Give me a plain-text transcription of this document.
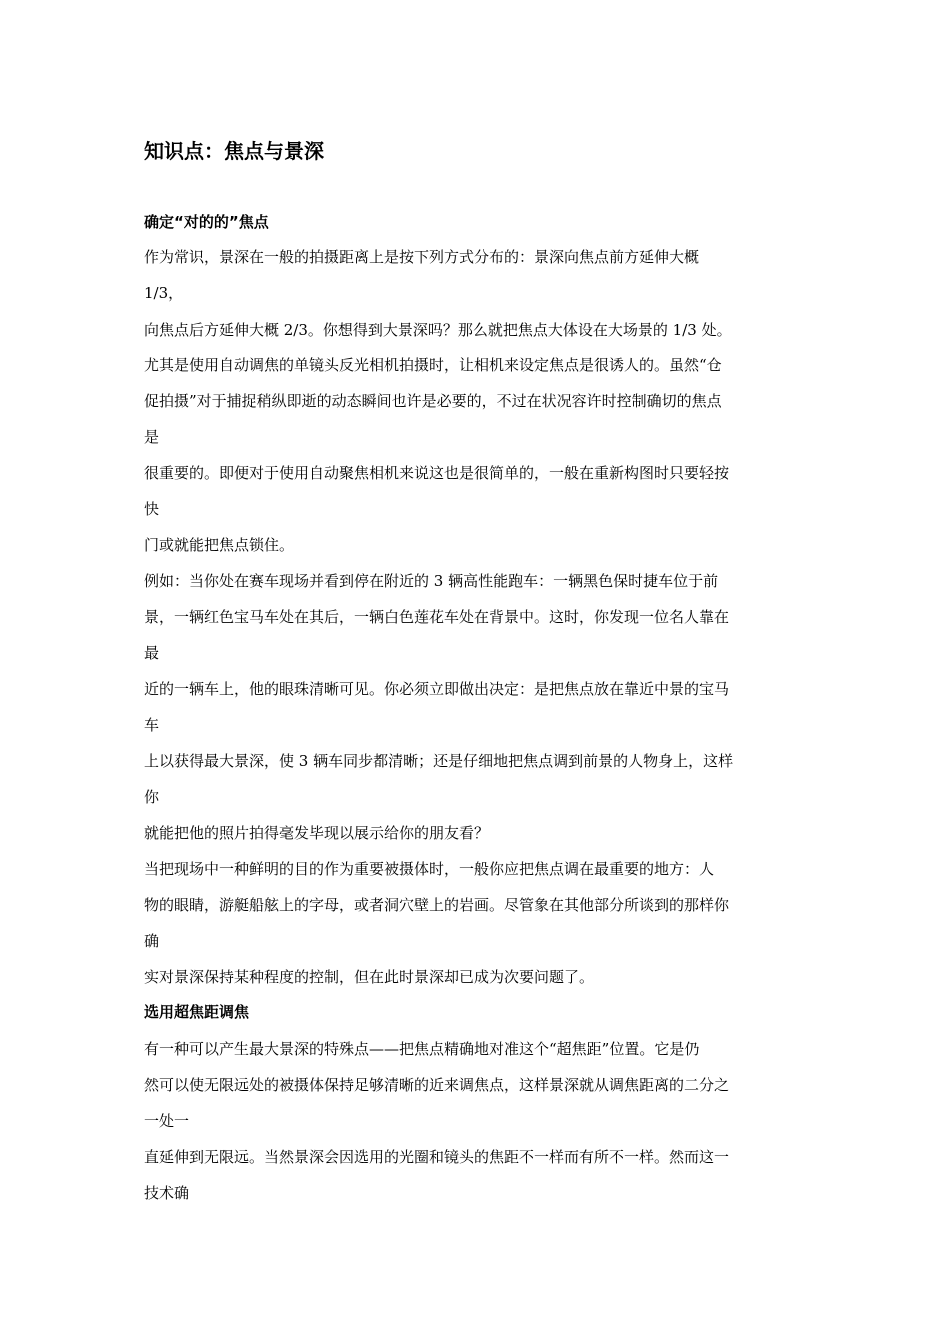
知识点：焦点与景深
确定“对的的”焦点
作为常识，景深在一般的拍摄距离上是按下列方式分布的：景深向焦点前方延伸大概
1/3，
向焦点后方延伸大概 2/3。你想得到大景深吗？那么就把焦点大体设在大场景的 1/3 处。
尤其是使用自动调焦的单镜头反光相机拍摄时，让相机来设定焦点是很诱人的。虽然“仓
促拍摄”对于捕捉稍纵即逝的动态瞬间也许是必要的，不过在状况容许时控制确切的焦点
是
很重要的。即便对于使用自动聚焦相机来说这也是很简单的，一般在重新构图时只要轻按
快
门或就能把焦点锁住。
例如：当你处在赛车现场并看到停在附近的 3 辆高性能跑车：一辆黑色保时捷车位于前
景，一辆红色宝马车处在其后，一辆白色莲花车处在背景中。这时，你发现一位名人靠在
最
近的一辆车上，他的眼珠清晰可见。你必须立即做出决定：是把焦点放在靠近中景的宝马
车
上以获得最大景深，使 3 辆车同步都清晰；还是仔细地把焦点调到前景的人物身上，这样
你
就能把他的照片拍得毫发毕现以展示给你的朋友看？
当把现场中一种鲜明的目的作为重要被摄体时，一般你应把焦点调在最重要的地方：人
物的眼睛，游艇船舷上的字母，或者洞穴壁上的岩画。尽管象在其他部分所谈到的那样你
确
实对景深保持某种程度的控制，但在此时景深却已成为次要问题了。
选用超焦距调焦
有一种可以产生最大景深的特殊点——把焦点精确地对准这个“超焦距”位置。它是仍
然可以使无限远处的被摄体保持足够清晰的近来调焦点，这样景深就从调焦距离的二分之
一处一
直延伸到无限远。当然景深会因选用的光圈和镜头的焦距不一样而有所不一样。然而这一
技术确
